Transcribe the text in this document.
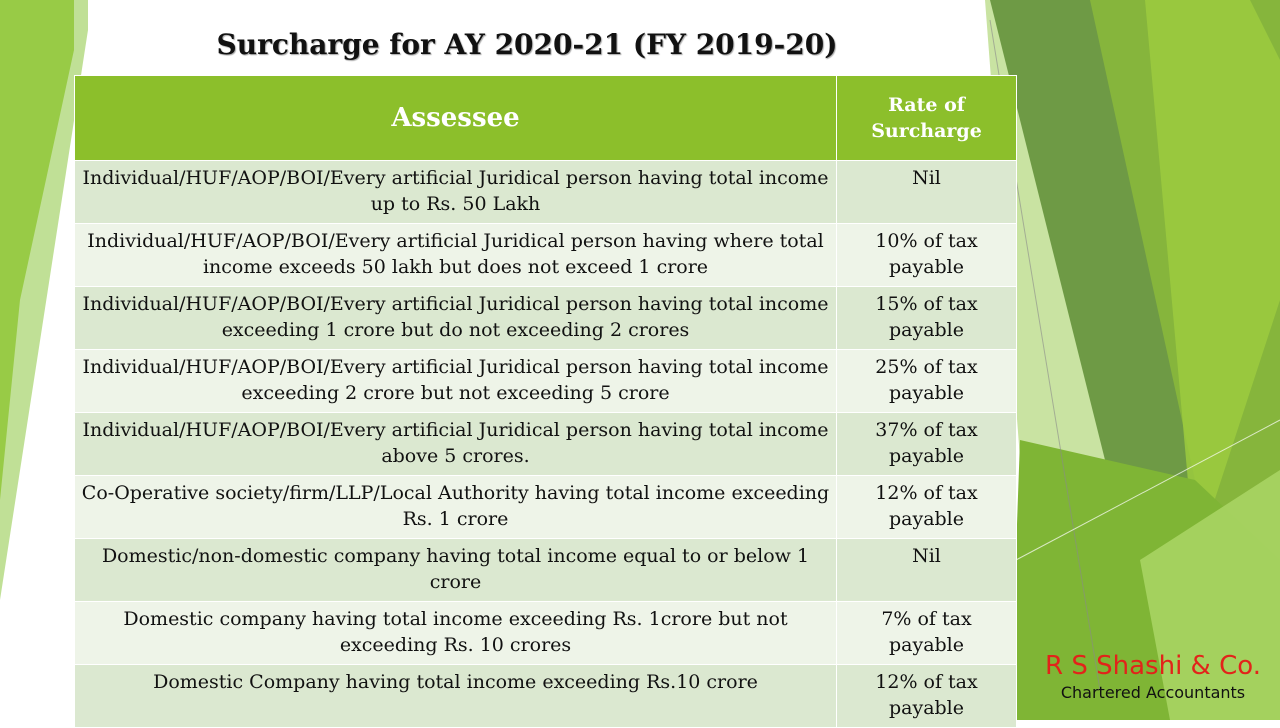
Surcharge for AY 2020-21 (FY 2019-20)
Assessee	Rate of Surcharge
Individual/HUF/AOP/BOI/Every artificial Juridical person having total income up to Rs. 50 Lakh	Nil
Individual/HUF/AOP/BOI/Every artificial Juridical person having where total income exceeds 50 lakh but does not exceed 1 crore	10% of tax payable
Individual/HUF/AOP/BOI/Every artificial Juridical person having total income exceeding 1 crore but do not exceeding 2 crores	15% of tax payable
Individual/HUF/AOP/BOI/Every artificial Juridical person having total income exceeding 2 crore but not exceeding 5 crore	25% of tax payable
Individual/HUF/AOP/BOI/Every artificial Juridical person having total income above 5 crores.	37% of tax payable
Co-Operative society/firm/LLP/Local Authority having total income exceeding Rs. 1 crore	12% of tax payable
Domestic/non-domestic company having total income equal to or below 1 crore	Nil
Domestic company having total income exceeding Rs. 1crore but not exceeding Rs. 10 crores	7% of tax payable
Domestic Company having total income exceeding Rs.10 crore	12% of tax payable
R S Shashi & Co.
Chartered Accountants
